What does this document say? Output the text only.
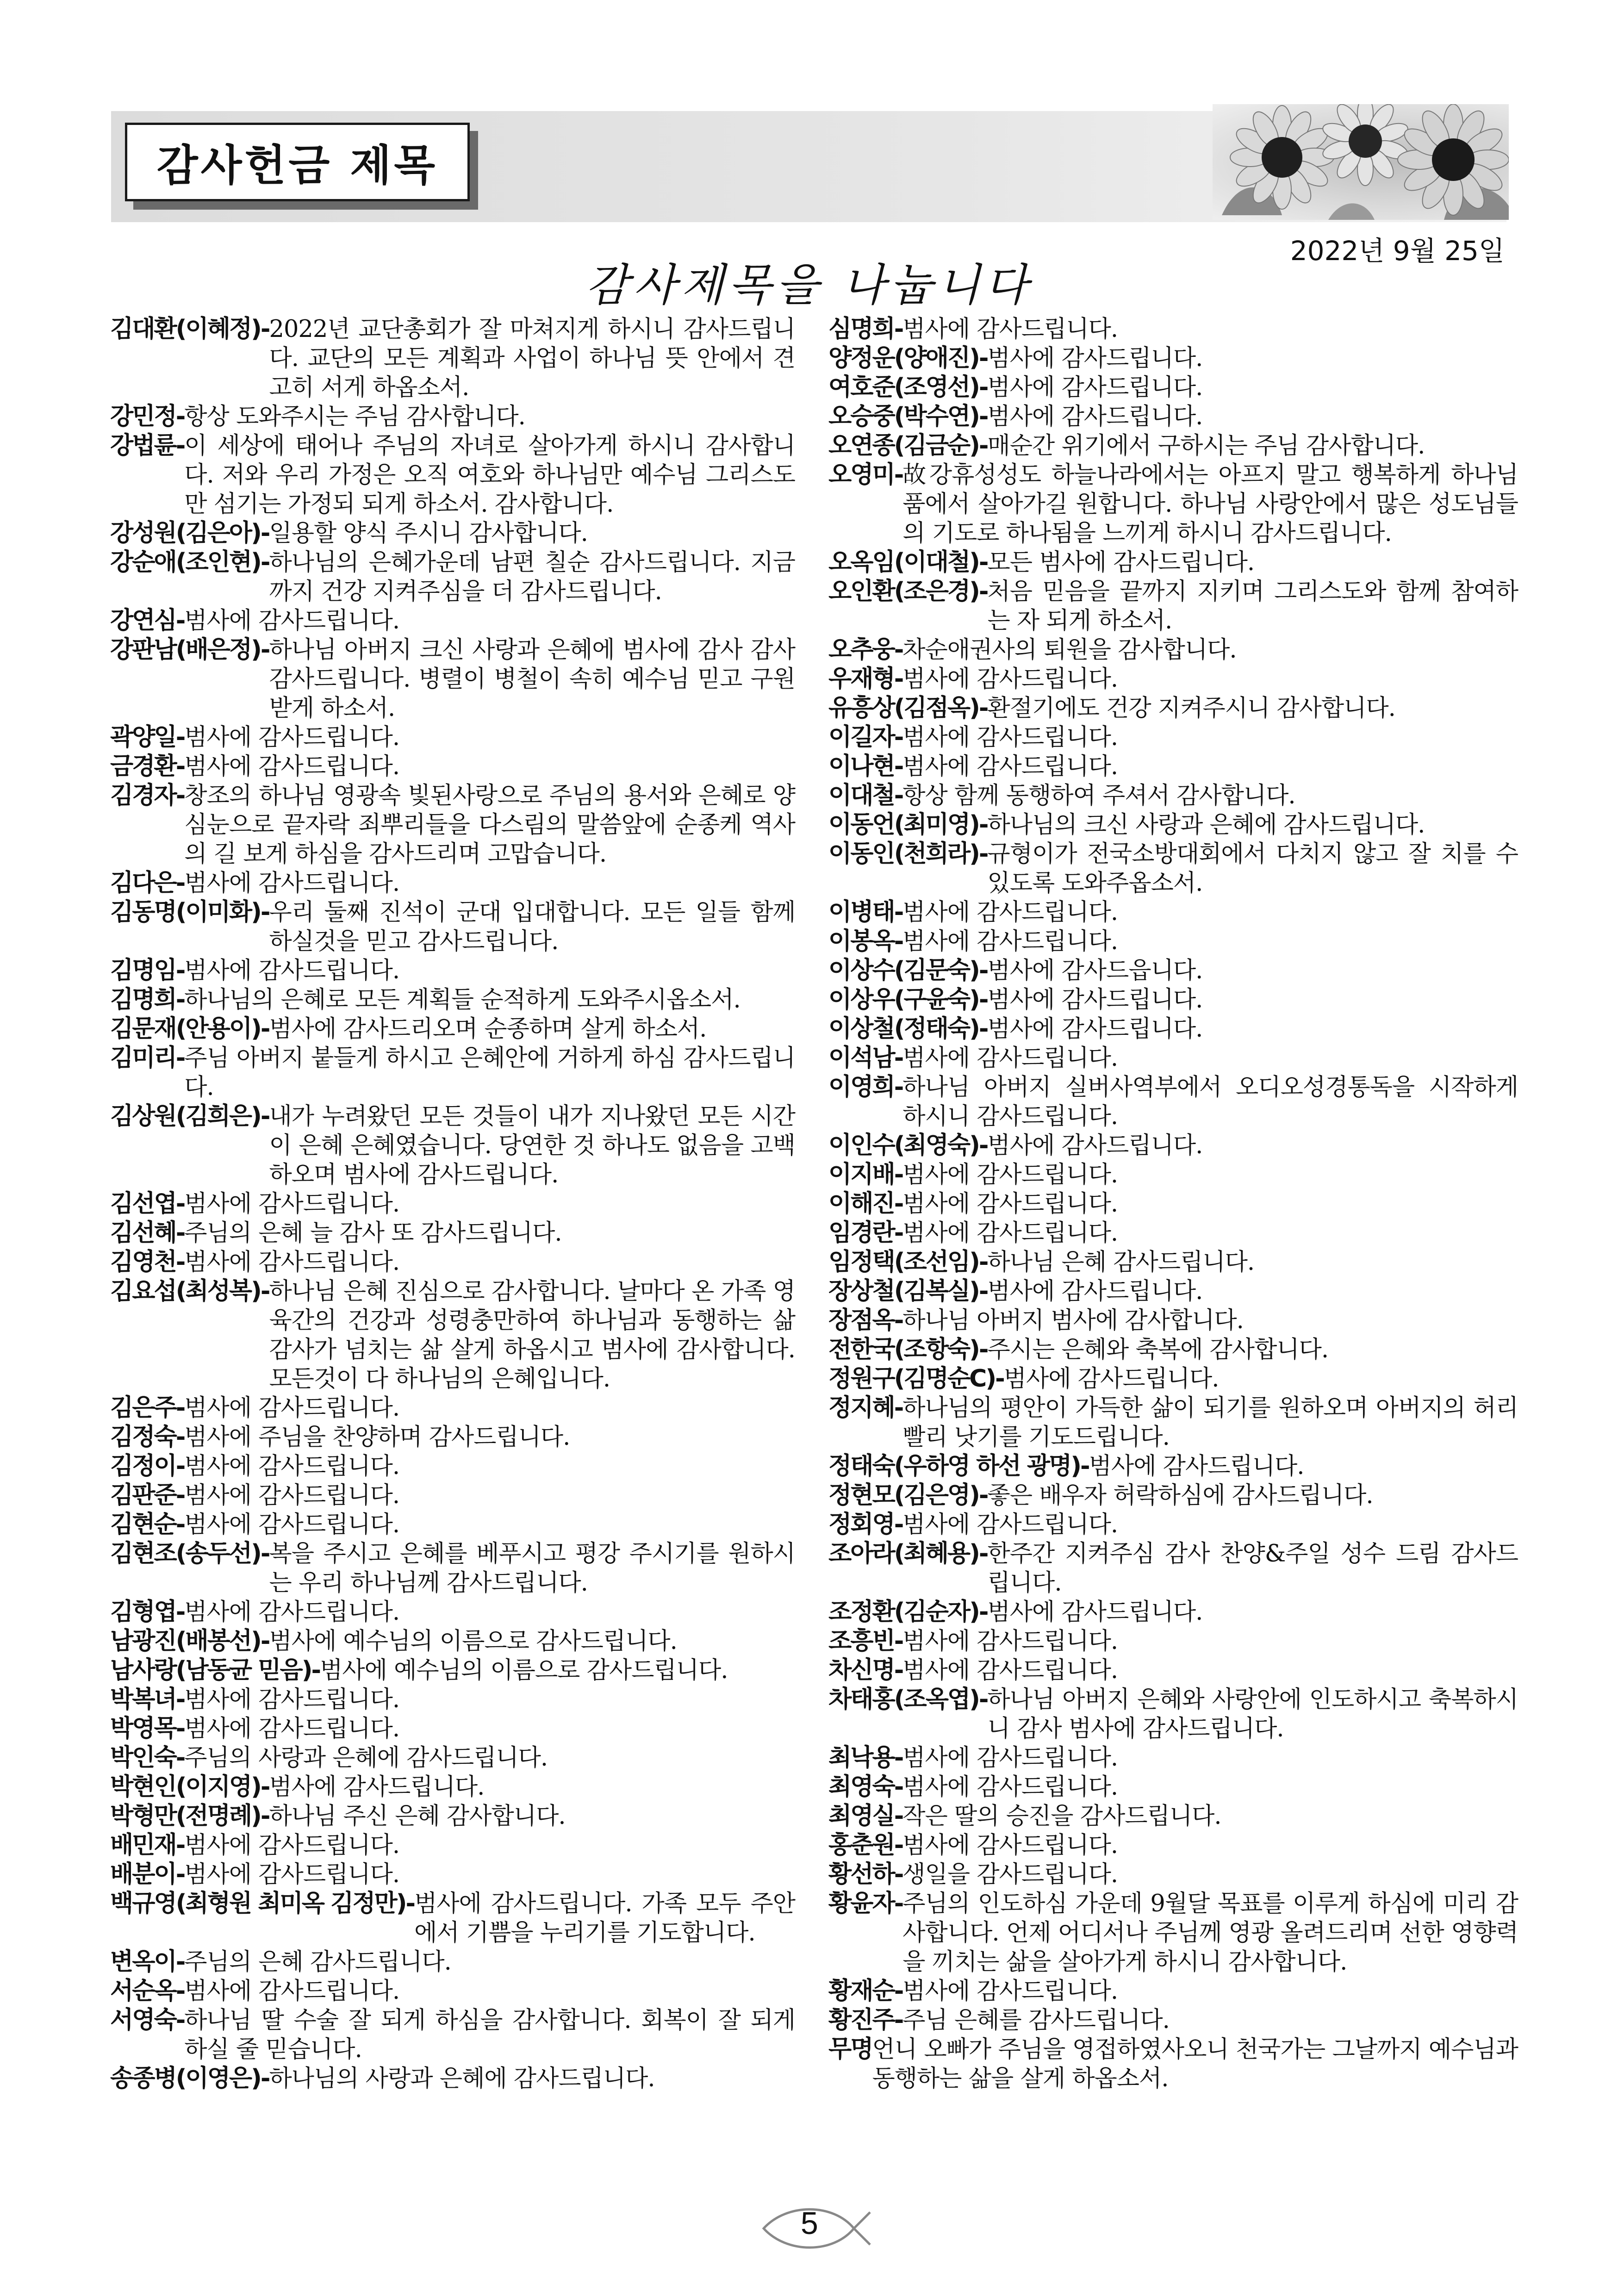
감사헌금 제목
2022년 9월 25일
감사제목을 나눕니다
김대환(이혜정)- 2022년 교단총회가 잘 마쳐지게 하시니 감사드립니다. 교단의 모든 계획과 사업이 하나님 뜻 안에서 견고히 서게 하옵소서.
강민정- 항상 도와주시는 주님 감사합니다.
강법륜- 이 세상에 태어나 주님의 자녀로 살아가게 하시니 감사합니다. 저와 우리 가정은 오직 여호와 하나님만 예수님 그리스도만 섬기는 가정되 되게 하소서. 감사합니다.
강성원(김은아)- 일용할 양식 주시니 감사합니다.
강순애(조인현)- 하나님의 은혜가운데 남편 칠순 감사드립니다. 지금까지 건강 지켜주심을 더 감사드립니다.
강연심- 범사에 감사드립니다.
강판남(배은정)- 하나님 아버지 크신 사랑과 은혜에 범사에 감사 감사 감사드립니다. 병렬이 병철이 속히 예수님 믿고 구원받게 하소서.
곽양일- 범사에 감사드립니다.
금경환- 범사에 감사드립니다.
김경자- 창조의 하나님 영광속 빛된사랑으로 주님의 용서와 은혜로 양심눈으로 끝자락 죄뿌리들을 다스림의 말씀앞에 순종케 역사의 길 보게 하심을 감사드리며 고맙습니다.
김다은- 범사에 감사드립니다.
김동명(이미화)- 우리 둘째 진석이 군대 입대합니다. 모든 일들 함께 하실것을 믿고 감사드립니다.
김명임- 범사에 감사드립니다.
김명희- 하나님의 은혜로 모든 계획들 순적하게 도와주시옵소서.
김문재(안용이)- 범사에 감사드리오며 순종하며 살게 하소서.
김미리- 주님 아버지 붙들게 하시고 은혜안에 거하게 하심 감사드립니다.
김상원(김희은)- 내가 누려왔던 모든 것들이 내가 지나왔던 모든 시간이 은혜 은혜였습니다. 당연한 것 하나도 없음을 고백하오며 범사에 감사드립니다.
김선엽- 범사에 감사드립니다.
김선혜- 주님의 은혜 늘 감사 또 감사드립니다.
김영천- 범사에 감사드립니다.
김요섭(최성복)- 하나님 은혜 진심으로 감사합니다. 날마다 온 가족 영육간의 건강과 성령충만하여 하나님과 동행하는 삶 감사가 넘치는 삶 살게 하옵시고 범사에 감사합니다. 모든것이 다 하나님의 은혜입니다.
김은주- 범사에 감사드립니다.
김정숙- 범사에 주님을 찬양하며 감사드립니다.
김정이- 범사에 감사드립니다.
김판준- 범사에 감사드립니다.
김현순- 범사에 감사드립니다.
김현조(송두선)- 복을 주시고 은혜를 베푸시고 평강 주시기를 원하시는 우리 하나님께 감사드립니다.
김형엽- 범사에 감사드립니다.
남광진(배봉선)- 범사에 예수님의 이름으로 감사드립니다.
남사랑(남동균 믿음)- 범사에 예수님의 이름으로 감사드립니다.
박복녀- 범사에 감사드립니다.
박영목- 범사에 감사드립니다.
박인숙- 주님의 사랑과 은혜에 감사드립니다.
박현인(이지영)- 범사에 감사드립니다.
박형만(전명례)- 하나님 주신 은혜 감사합니다.
배민재- 범사에 감사드립니다.
배분이- 범사에 감사드립니다.
백규영(최형원 최미옥 김정만)- 범사에 감사드립니다. 가족 모두 주안에서 기쁨을 누리기를 기도합니다.
변옥이- 주님의 은혜 감사드립니다.
서순옥- 범사에 감사드립니다.
서영숙- 하나님 딸 수술 잘 되게 하심을 감사합니다. 회복이 잘 되게 하실 줄 믿습니다.
송종병(이영은)- 하나님의 사랑과 은혜에 감사드립니다.
심명희- 범사에 감사드립니다.
양정운(양애진)- 범사에 감사드립니다.
여호준(조영선)- 범사에 감사드립니다.
오승중(박수연)- 범사에 감사드립니다.
오연종(김금순)- 매순간 위기에서 구하시는 주님 감사합니다.
오영미- 故강휴성성도 하늘나라에서는 아프지 말고 행복하게 하나님품에서 살아가길 원합니다. 하나님 사랑안에서 많은 성도님들의 기도로 하나됨을 느끼게 하시니 감사드립니다.
오옥임(이대철)- 모든 범사에 감사드립니다.
오인환(조은경)- 처음 믿음을 끝까지 지키며 그리스도와 함께 참여하는 자 되게 하소서.
오추웅- 차순애권사의 퇴원을 감사합니다.
우재형- 범사에 감사드립니다.
유흥상(김점옥)- 환절기에도 건강 지켜주시니 감사합니다.
이길자- 범사에 감사드립니다.
이나현- 범사에 감사드립니다.
이대철- 항상 함께 동행하여 주셔서 감사합니다.
이동언(최미영)- 하나님의 크신 사랑과 은혜에 감사드립니다.
이동인(천희라)- 규형이가 전국소방대회에서 다치지 않고 잘 치를 수 있도록 도와주옵소서.
이병태- 범사에 감사드립니다.
이봉옥- 범사에 감사드립니다.
이상수(김문숙)- 범사에 감사드읍니다.
이상우(구윤숙)- 범사에 감사드립니다.
이상철(정태숙)- 범사에 감사드립니다.
이석남- 범사에 감사드립니다.
이영희- 하나님 아버지 실버사역부에서 오디오성경통독을 시작하게 하시니 감사드립니다.
이인수(최영숙)- 범사에 감사드립니다.
이지배- 범사에 감사드립니다.
이해진- 범사에 감사드립니다.
임경란- 범사에 감사드립니다.
임정택(조선임)- 하나님 은혜 감사드립니다.
장상철(김복실)- 범사에 감사드립니다.
장점옥- 하나님 아버지 범사에 감사합니다.
전한국(조항숙)- 주시는 은혜와 축복에 감사합니다.
정원구(김명순C)- 범사에 감사드립니다.
정지혜- 하나님의 평안이 가득한 삶이 되기를 원하오며 아버지의 허리 빨리 낫기를 기도드립니다.
정태숙(우하영 하선 광명)- 범사에 감사드립니다.
정현모(김은영)- 좋은 배우자 허락하심에 감사드립니다.
정회영- 범사에 감사드립니다.
조아라(최혜용)- 한주간 지켜주심 감사 찬양&주일 성수 드림 감사드립니다.
조정환(김순자)- 범사에 감사드립니다.
조흥빈- 범사에 감사드립니다.
차신명- 범사에 감사드립니다.
차태홍(조옥엽)- 하나님 아버지 은혜와 사랑안에 인도하시고 축복하시니 감사 범사에 감사드립니다.
최낙용- 범사에 감사드립니다.
최영숙- 범사에 감사드립니다.
최영실- 작은 딸의 승진을 감사드립니다.
홍춘원- 범사에 감사드립니다.
황선하- 생일을 감사드립니다.
황윤자- 주님의 인도하심 가운데 9월달 목표를 이루게 하심에 미리 감사합니다. 언제 어디서나 주님께 영광 올려드리며 선한 영향력을 끼치는 삶을 살아가게 하시니 감사합니다.
황재순- 범사에 감사드립니다.
황진주- 주님 은혜를 감사드립니다.
무명 언니 오빠가 주님을 영접하였사오니 천국가는 그날까지 예수님과 동행하는 삶을 살게 하옵소서.
5
